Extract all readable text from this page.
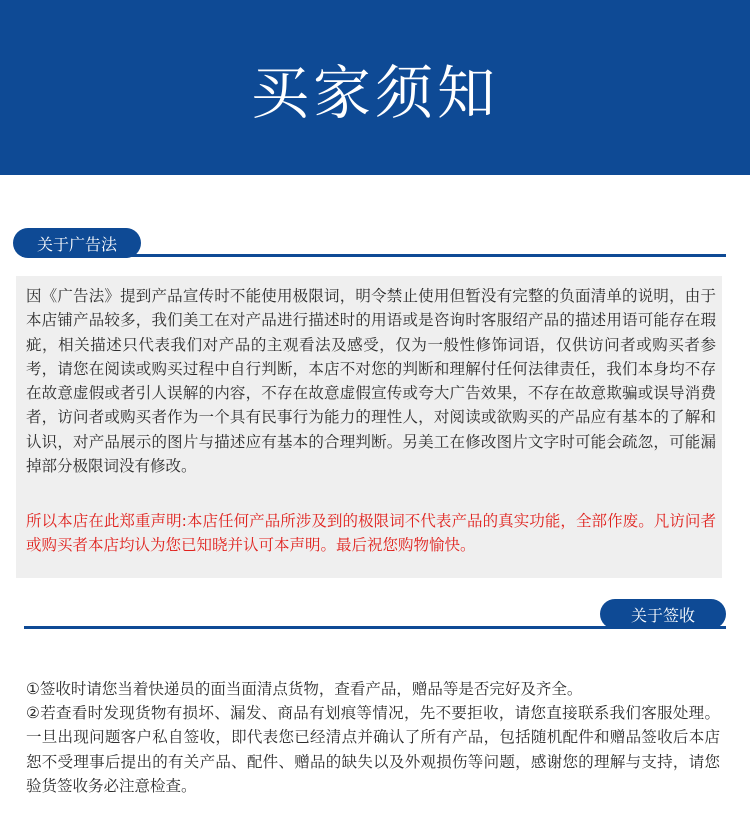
买家须知
关于广告法

因《广告法》提到产品宣传时不能使用极限词，明令禁止使用但暂没有完整的负面清单的说明，由于本店铺产品较多，我们美工在对产品进行描述时的用语或是咨询时客服绍产品的描述用语可能存在瑕疵，相关描述只代表我们对产品的主观看法及感受，仅为一般性修饰词语，仅供访问者或购买者参考，请您在阅读或购买过程中自行判断，本店不对您的判断和理解付任何法律责任，我们本身均不存在故意虚假或者引人误解的内容，不存在故意虚假宣传或夸大广告效果，不存在故意欺骗或误导消费者，访问者或购买者作为一个具有民事行为能力的理性人，对阅读或欲购买的产品应有基本的了解和认识，对产品展示的图片与描述应有基本的合理判断。另美工在修改图片文字时可能会疏忽，可能漏掉部分极限词没有修改。

所以本店在此郑重声明:本店任何产品所涉及到的极限词不代表产品的真实功能，全部作废。凡访问者或购买者本店均认为您已知晓并认可本声明。最后祝您购物愉快。

关于签收

①签收时请您当着快递员的面当面清点货物，查看产品，赠品等是否完好及齐全。

②若查看时发现货物有损坏、漏发、商品有划痕等情况，先不要拒收，请您直接联系我们客服处理。一旦出现问题客户私自签收，即代表您已经清点并确认了所有产品，包括随机配件和赠品签收后本店恕不受理事后提出的有关产品、配件、赠品的缺失以及外观损伤等问题，感谢您的理解与支持，请您验货签收务必注意检查。
